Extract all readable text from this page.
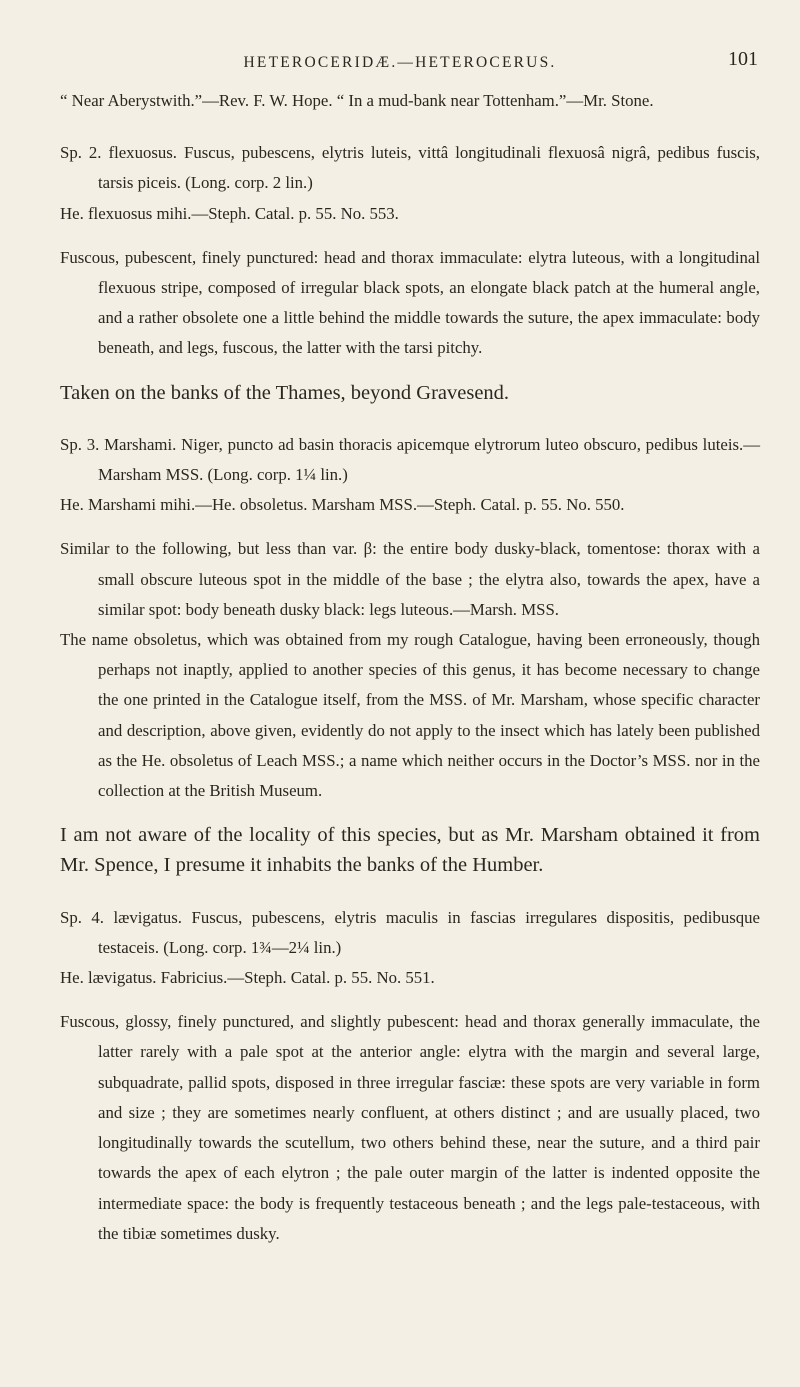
HETEROCERIDÆ.—HETEROCERUS.	101

“ Near Aberystwith.”—Rev. F. W. Hope. “ In a mud-bank near Tottenham.”—Mr. Stone.

Sp. 2. flexuosus. Fuscus, pubescens, elytris luteis, vittâ longitudinali flexuosâ nigrâ, pedibus fuscis, tarsis piceis. (Long. corp. 2 lin.)

He. flexuosus mihi.—Steph. Catal. p. 55. No. 553.

Fuscous, pubescent, finely punctured: head and thorax immaculate: elytra luteous, with a longitudinal flexuous stripe, composed of irregular black spots, an elongate black patch at the humeral angle, and a rather obsolete one a little behind the middle towards the suture, the apex immaculate: body beneath, and legs, fuscous, the latter with the tarsi pitchy.

Taken on the banks of the Thames, beyond Gravesend.

Sp. 3. Marshami. Niger, puncto ad basin thoracis apicemque elytrorum luteo obscuro, pedibus luteis.—Marsham MSS. (Long. corp. 1¼ lin.)

He. Marshami mihi.—He. obsoletus. Marsham MSS.—Steph. Catal. p. 55. No. 550.

Similar to the following, but less than var. β: the entire body dusky-black, tomentose: thorax with a small obscure luteous spot in the middle of the base ; the elytra also, towards the apex, have a similar spot: body beneath dusky black: legs luteous.—Marsh. MSS.

The name obsoletus, which was obtained from my rough Catalogue, having been erroneously, though perhaps not inaptly, applied to another species of this genus, it has become necessary to change the one printed in the Catalogue itself, from the MSS. of Mr. Marsham, whose specific character and description, above given, evidently do not apply to the insect which has lately been published as the He. obsoletus of Leach MSS.; a name which neither occurs in the Doctor’s MSS. nor in the collection at the British Museum.

I am not aware of the locality of this species, but as Mr. Marsham obtained it from Mr. Spence, I presume it inhabits the banks of the Humber.

Sp. 4. lævigatus. Fuscus, pubescens, elytris maculis in fascias irregulares dispositis, pedibusque testaceis. (Long. corp. 1¾—2¼ lin.)

He. lævigatus. Fabricius.—Steph. Catal. p. 55. No. 551.

Fuscous, glossy, finely punctured, and slightly pubescent: head and thorax generally immaculate, the latter rarely with a pale spot at the anterior angle: elytra with the margin and several large, subquadrate, pallid spots, disposed in three irregular fasciæ: these spots are very variable in form and size ; they are sometimes nearly confluent, at others distinct ; and are usually placed, two longitudinally towards the scutellum, two others behind these, near the suture, and a third pair towards the apex of each elytron ; the pale outer margin of the latter is indented opposite the intermediate space: the body is frequently testaceous beneath ; and the legs pale-testaceous, with the tibiæ sometimes dusky.
